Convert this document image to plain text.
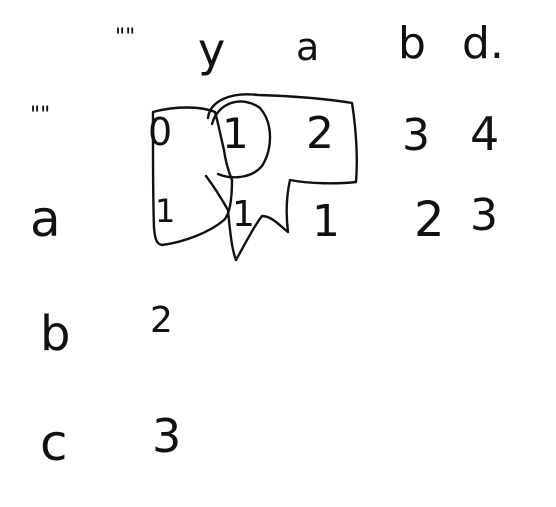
"" y a b d.
""	0 1 2 3 4
a	1 1 1 2 3
b 2
c 3
